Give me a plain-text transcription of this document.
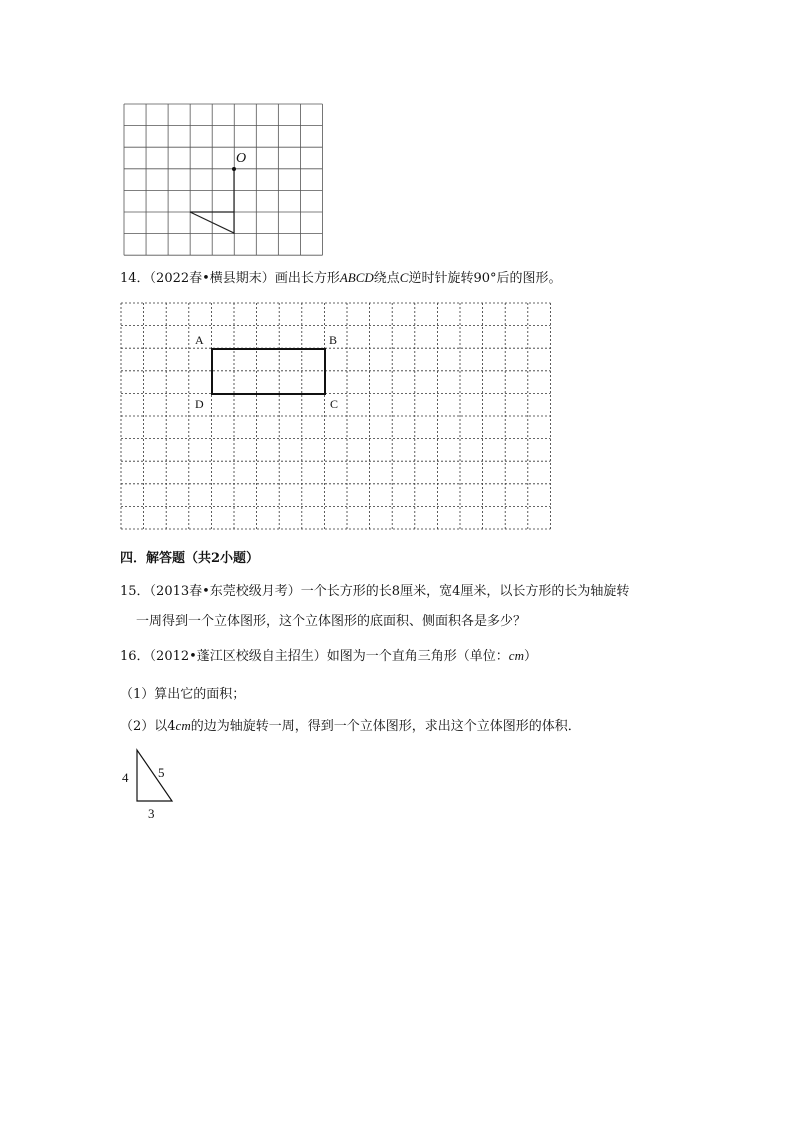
O
14．（2022春•横县期末）画出长方形ABCD绕点C逆时针旋转90°后的图形。
A	B
D	C
四．解答题（共2小题）
15．（2013春•东莞校级月考）一个长方形的长8厘米，宽4厘米，以长方形的长为轴旋转
一周得到一个立体图形，这个立体图形的底面积、侧面积各是多少？
16．（2012•蓬江区校级自主招生）如图为一个直角三角形（单位：cm）
（1）算出它的面积；
（2）以4cm的边为轴旋转一周，得到一个立体图形，求出这个立体图形的体积．
4 5
3
